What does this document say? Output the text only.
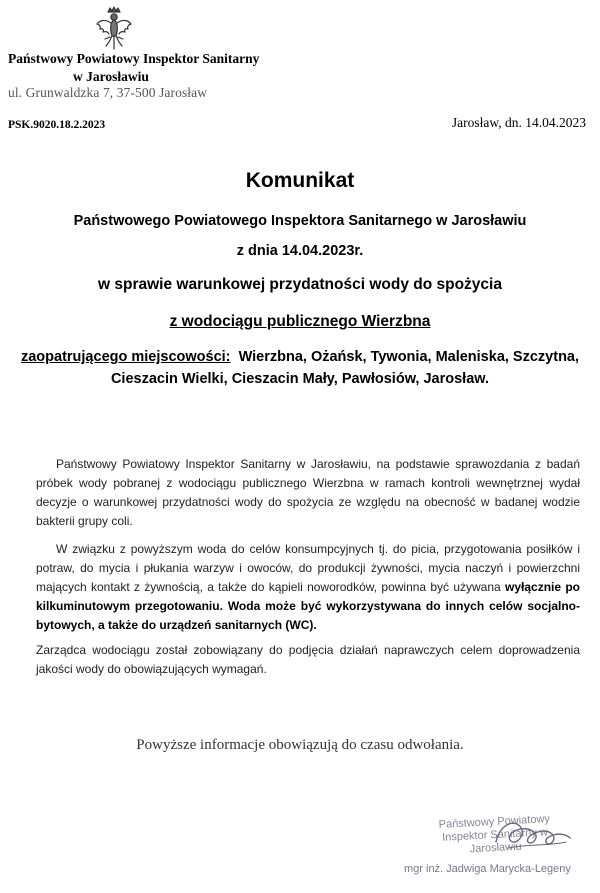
Państwowy Powiatowy Inspektor Sanitarny
w Jarosławiu
ul. Grunwaldzka 7, 37-500 Jarosław
PSK.9020.18.2.2023	Jarosław, dn. 14.04.2023
Komunikat
Państwowego Powiatowego Inspektora Sanitarnego w Jarosławiu
z dnia 14.04.2023r.
w sprawie warunkowej przydatności wody do spożycia
z wodociągu publicznego Wierzbna
zaopatrującego miejscowości: Wierzbna, Ożańsk, Tywonia, Maleniska, Szczytna, Cieszacin Wielki, Cieszacin Mały, Pawłosiów, Jarosław.
Państwowy Powiatowy Inspektor Sanitarny w Jarosławiu, na podstawie sprawozdania z badań próbek wody pobranej z wodociągu publicznego Wierzbna w ramach kontroli wewnętrznej wydał decyzje o warunkowej przydatności wody do spożycia ze względu na obecność w badanej wodzie bakterii grupy coli.
W związku z powyższym woda do celów konsumpcyjnych tj. do picia, przygotowania posiłków i potraw, do mycia i płukania warzyw i owoców, do produkcji żywności, mycia naczyń i powierzchni mających kontakt z żywnością, a także do kąpieli noworodków, powinna być używana wyłącznie po kilkuminutowym przegotowaniu. Woda może być wykorzystywana do innych celów socjalno-bytowych, a także do urządzeń sanitarnych (WC).
Zarządca wodociągu został zobowiązany do podjęcia działań naprawczych celem doprowadzenia jakości wody do obowiązujących wymagań.
Powyższe informacje obowiązują do czasu odwołania.
Państwowy Powiatowy Inspektor Sanitarny w Jarosławiu
mgr inż. Jadwiga Marycka-Legeny
